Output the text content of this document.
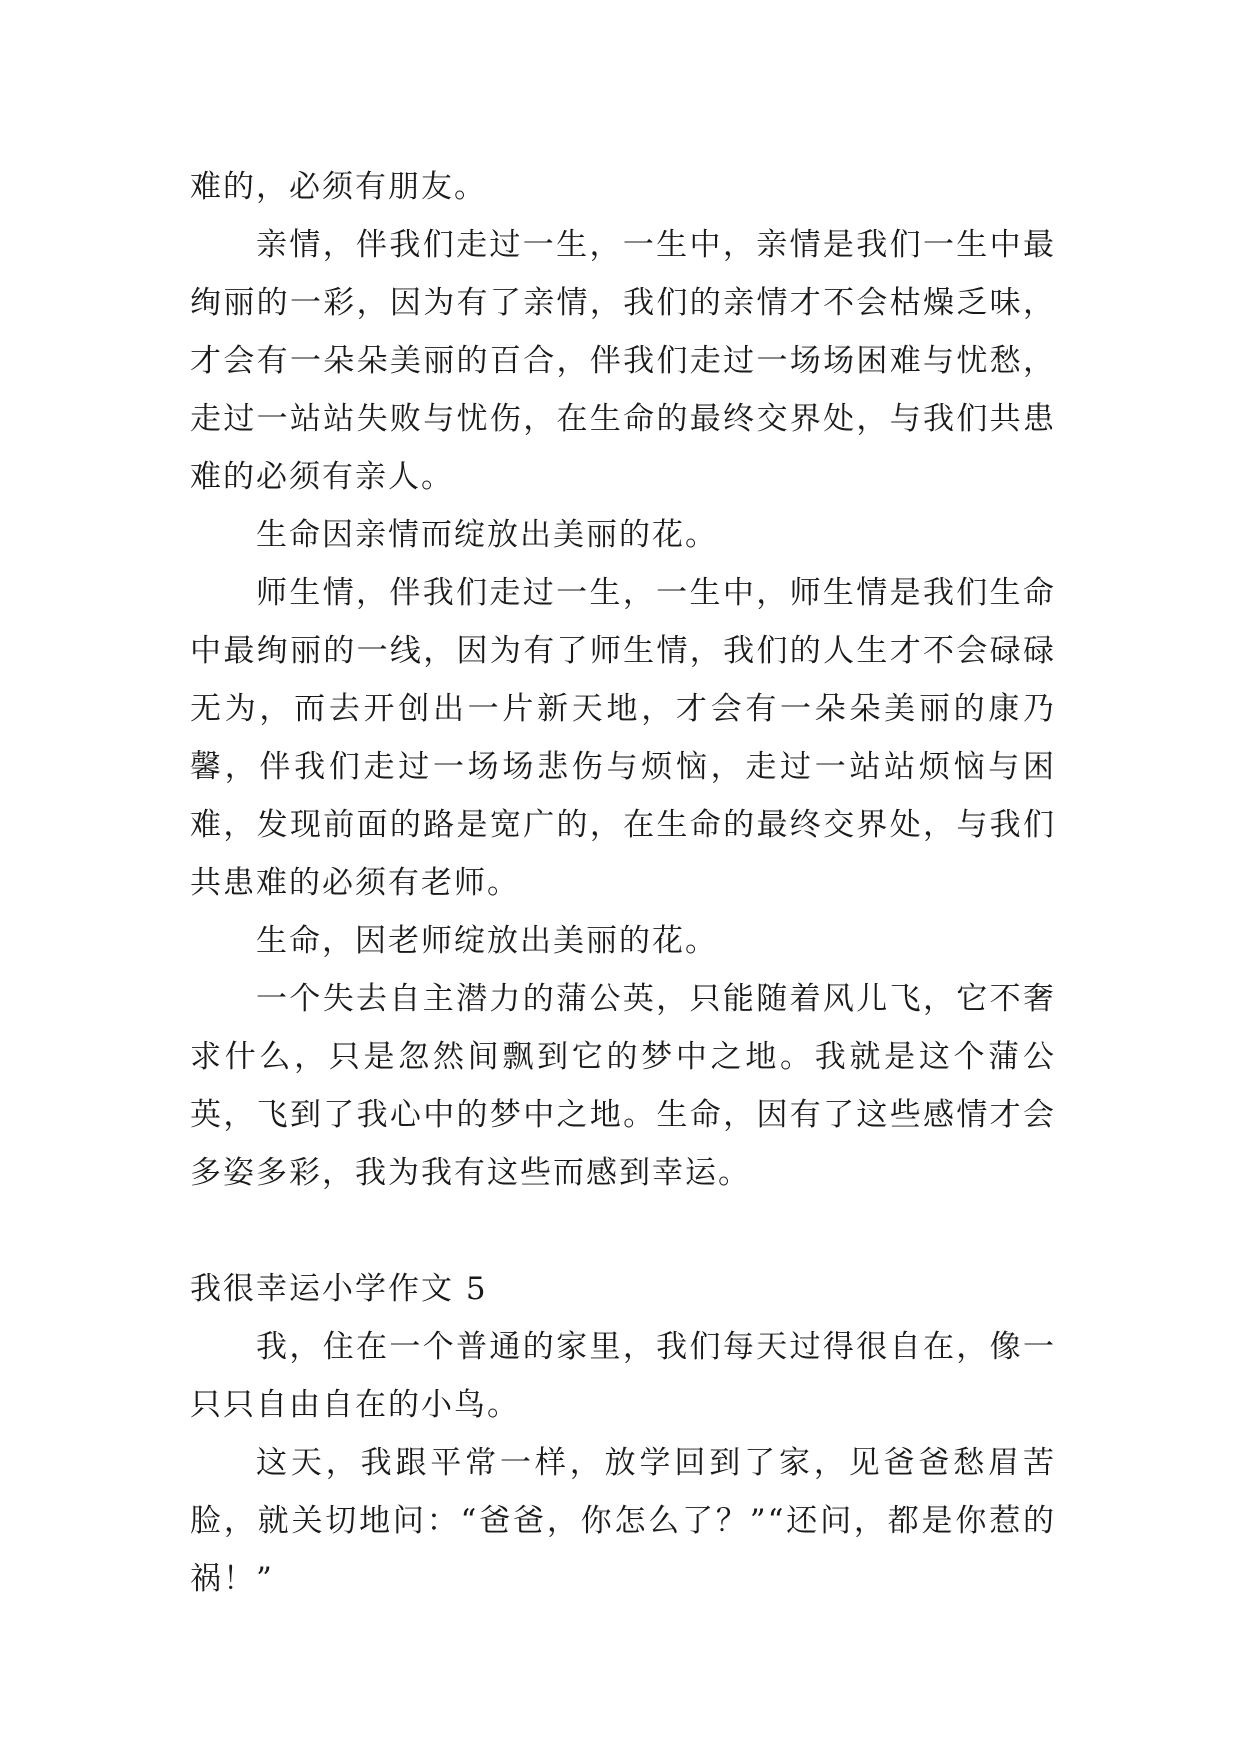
难的，必须有朋友。

亲情，伴我们走过一生，一生中，亲情是我们一生中最绚丽的一彩，因为有了亲情，我们的亲情才不会枯燥乏味，才会有一朵朵美丽的百合，伴我们走过一场场困难与忧愁，走过一站站失败与忧伤，在生命的最终交界处，与我们共患难的必须有亲人。

生命因亲情而绽放出美丽的花。

师生情，伴我们走过一生，一生中，师生情是我们生命中最绚丽的一线，因为有了师生情，我们的人生才不会碌碌无为，而去开创出一片新天地，才会有一朵朵美丽的康乃馨，伴我们走过一场场悲伤与烦恼，走过一站站烦恼与困难，发现前面的路是宽广的，在生命的最终交界处，与我们共患难的必须有老师。

生命，因老师绽放出美丽的花。

一个失去自主潜力的蒲公英，只能随着风儿飞，它不奢求什么，只是忽然间飘到它的梦中之地。我就是这个蒲公英，飞到了我心中的梦中之地。生命，因有了这些感情才会多姿多彩，我为我有这些而感到幸运。

我很幸运小学作文 5

我，住在一个普通的家里，我们每天过得很自在，像一只只自由自在的小鸟。

这天，我跟平常一样，放学回到了家，见爸爸愁眉苦脸，就关切地问：“爸爸，你怎么了？”“还问，都是你惹的祸！”
